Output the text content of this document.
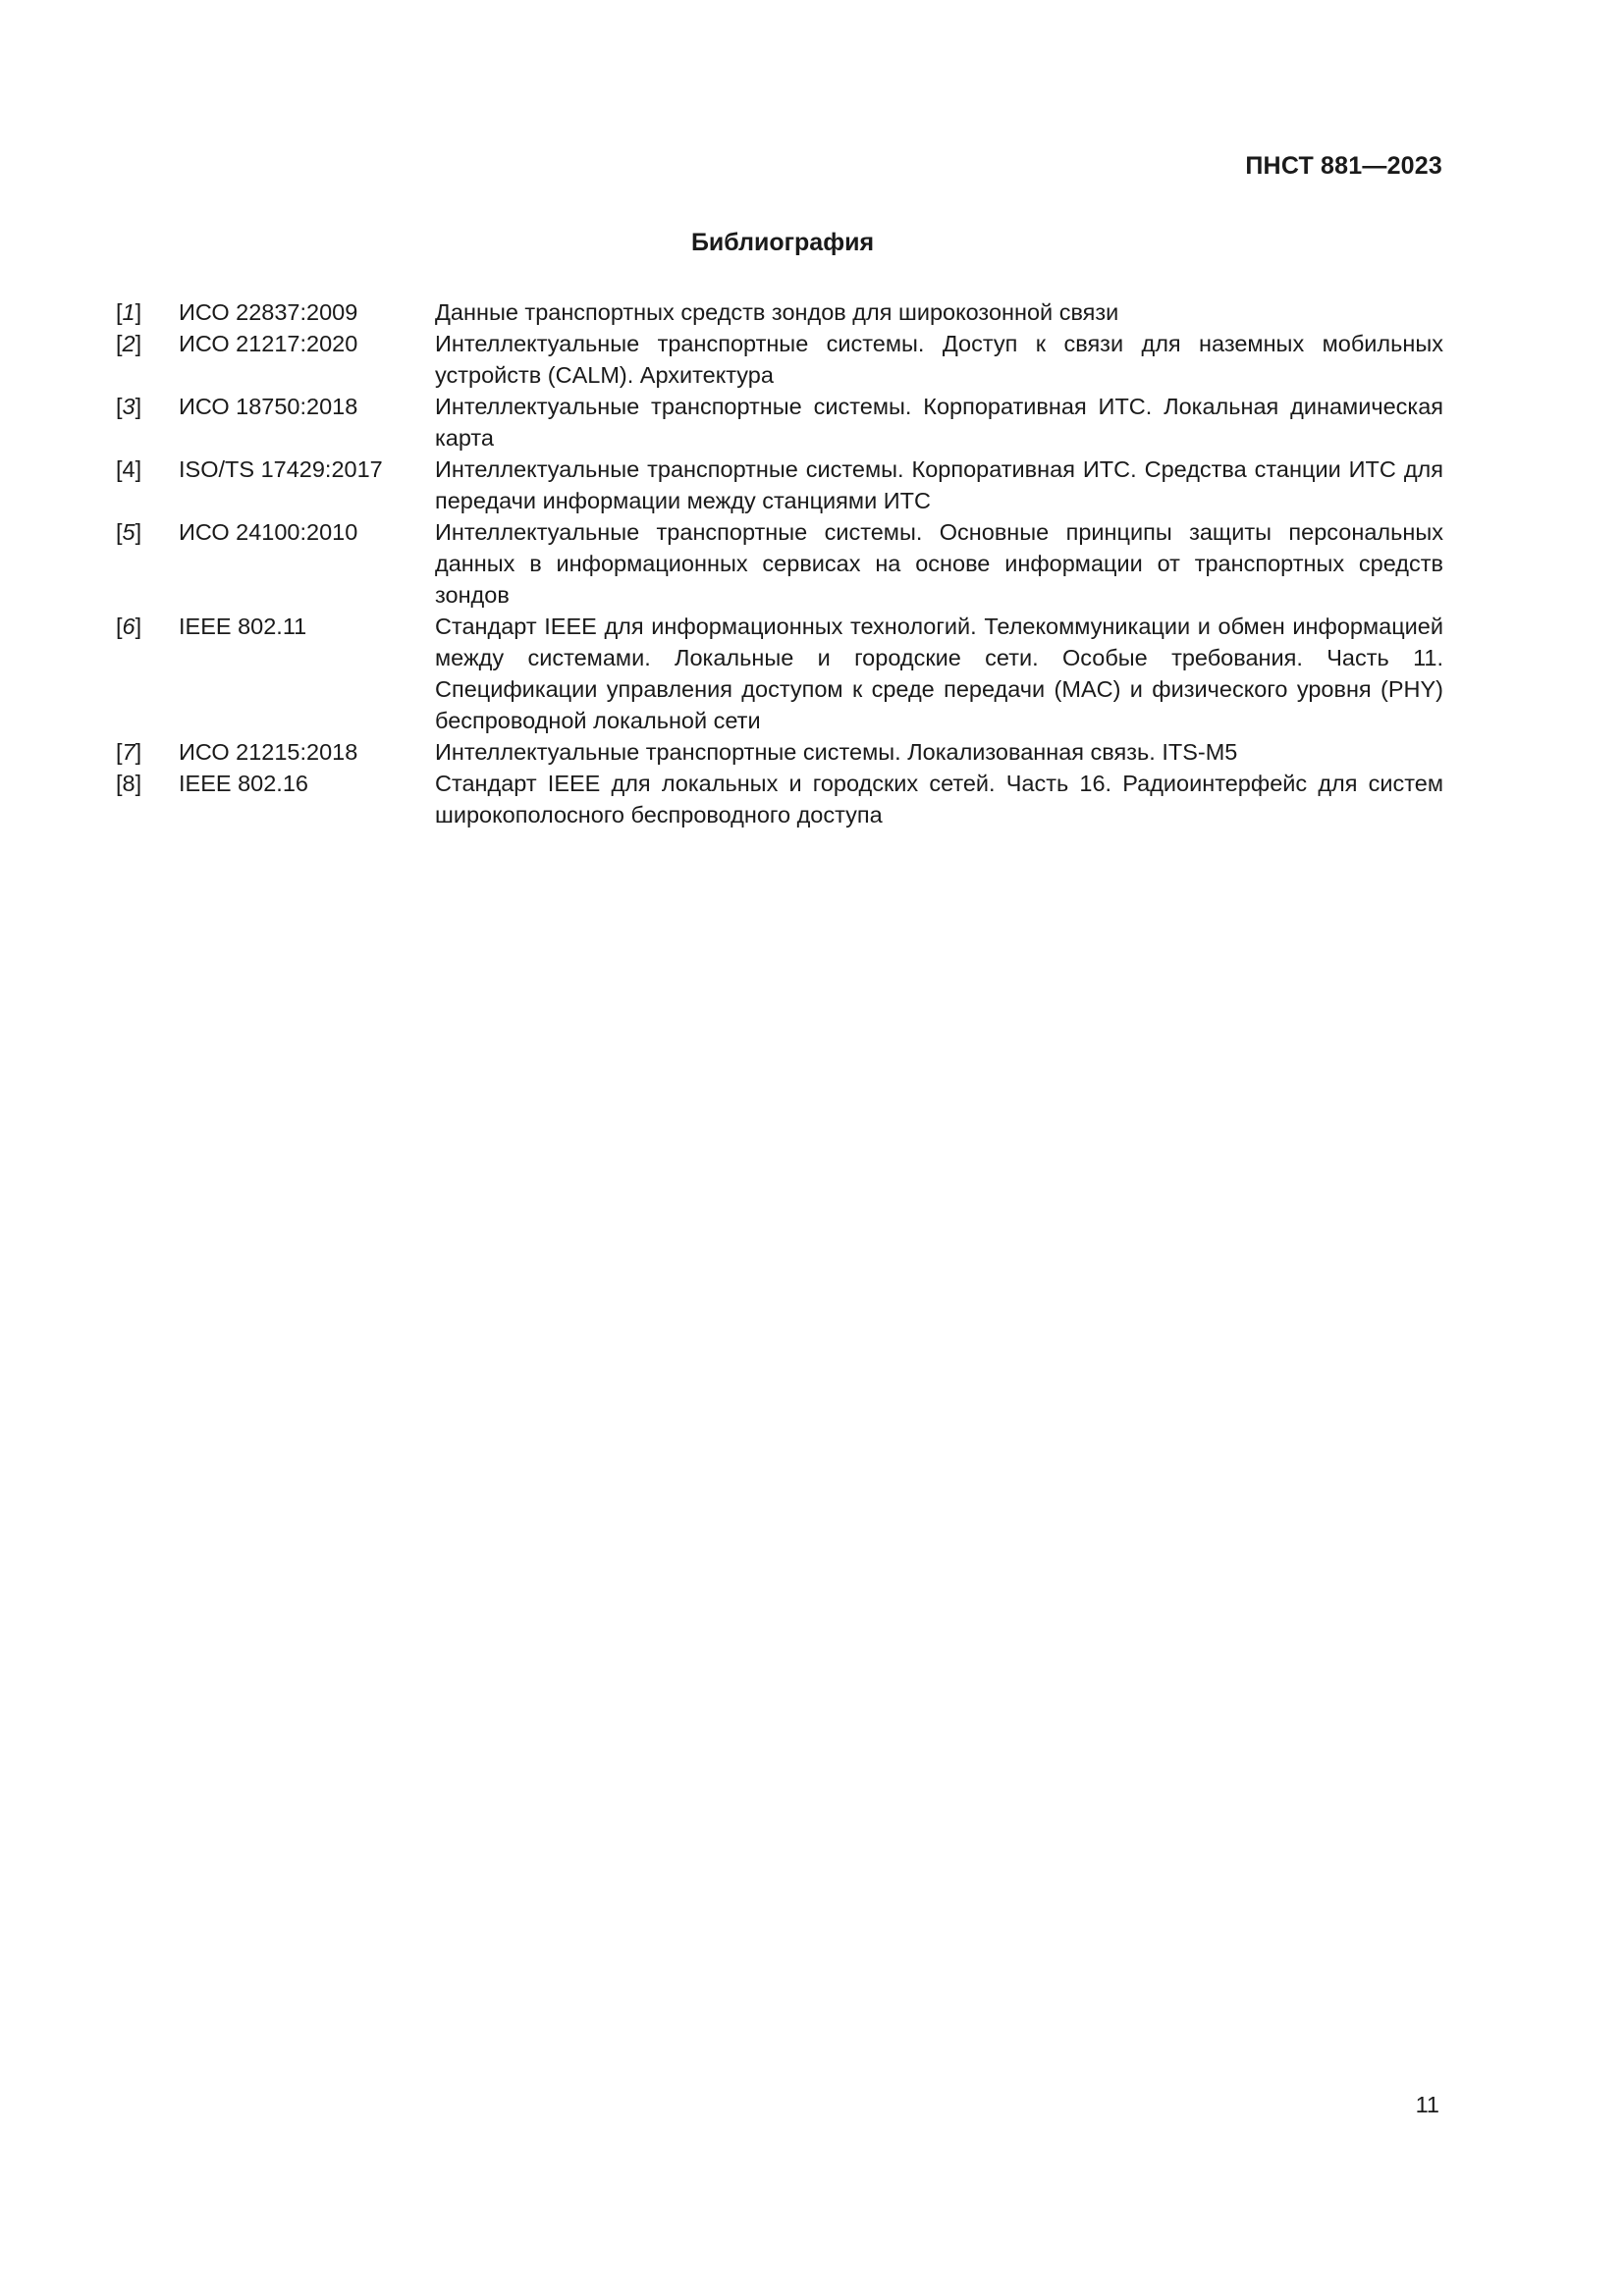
ПНСТ 881—2023
Библиография
[1]	ИСО 22837:2009	Данные транспортных средств зондов для широкозонной связи
[2]	ИСО 21217:2020	Интеллектуальные транспортные системы. Доступ к связи для наземных мобильных устройств (CALM). Архитектура
[3]	ИСО 18750:2018	Интеллектуальные транспортные системы. Корпоративная ИТС. Локальная динамическая карта
[4]	ISO/TS 17429:2017	Интеллектуальные транспортные системы. Корпоративная ИТС. Средства станции ИТС для передачи информации между станциями ИТС
[5]	ИСО 24100:2010	Интеллектуальные транспортные системы. Основные принципы защиты персональных данных в информационных сервисах на основе информации от транспортных средств зондов
[6]	IEEE 802.11	Стандарт IEEE для информационных технологий. Телекоммуникации и обмен информацией между системами. Локальные и городские сети. Особые требования. Часть 11. Спецификации управления доступом к среде передачи (MAC) и физического уровня (PHY) беспроводной локальной сети
[7]	ИСО 21215:2018	Интеллектуальные транспортные системы. Локализованная связь. ITS-M5
[8]	IEEE 802.16	Стандарт IEEE для локальных и городских сетей. Часть 16. Радиоинтерфейс для систем широкополосного беспроводного доступа
11
